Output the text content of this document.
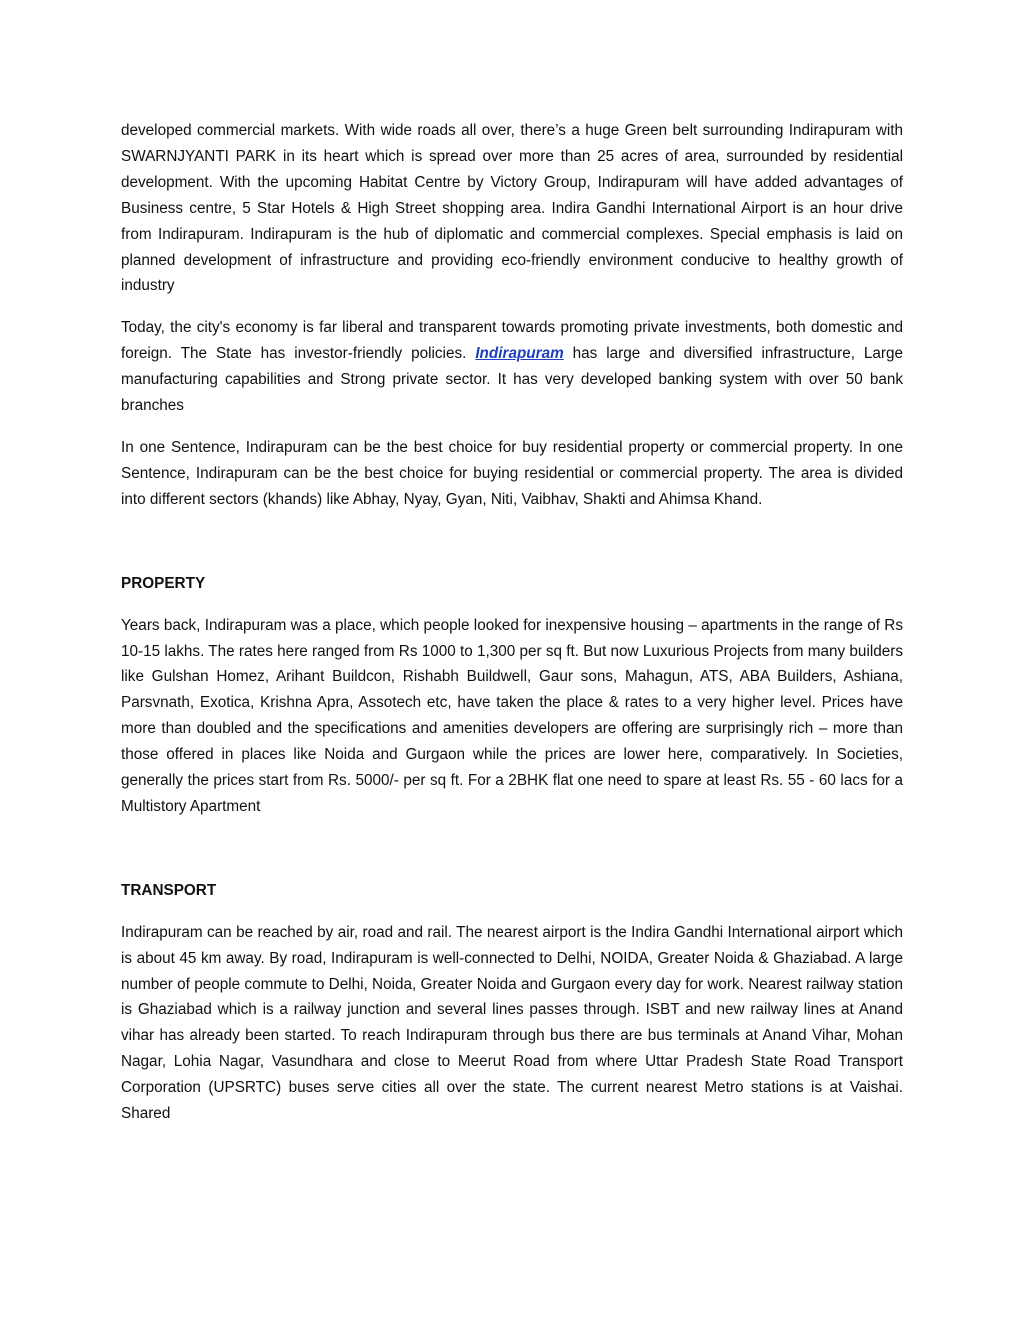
developed commercial markets. With wide roads all over, there’s a huge Green belt surrounding Indirapuram with SWARNJYANTI PARK in its heart which is spread over more than 25 acres of area, surrounded by residential development. With the upcoming Habitat Centre by Victory Group, Indirapuram will have added advantages of Business centre, 5 Star Hotels & High Street shopping area. Indira Gandhi International Airport is an hour drive from Indirapuram. Indirapuram is the hub of diplomatic and commercial complexes. Special emphasis is laid on planned development of infrastructure and providing eco-friendly environment conducive to healthy growth of industry

Today, the city's economy is far liberal and transparent towards promoting private investments, both domestic and foreign. The State has investor-friendly policies. Indirapuram has large and diversified infrastructure, Large manufacturing capabilities and Strong private sector. It has very developed banking system with over 50 bank branches

In one Sentence, Indirapuram can be the best choice for buy residential property or commercial property. In one Sentence, Indirapuram can be the best choice for buying residential or commercial property. The area is divided into different sectors (khands) like Abhay, Nyay, Gyan, Niti, Vaibhav, Shakti and Ahimsa Khand.

PROPERTY

Years back, Indirapuram was a place, which people looked for inexpensive housing – apartments in the range of Rs 10-15 lakhs. The rates here ranged from Rs 1000 to 1,300 per sq ft. But now Luxurious Projects from many builders like Gulshan Homez, Arihant Buildcon, Rishabh Buildwell, Gaur sons, Mahagun, ATS, ABA Builders, Ashiana, Parsvnath, Exotica, Krishna Apra, Assotech etc, have taken the place & rates to a very higher level. Prices have more than doubled and the specifications and amenities developers are offering are surprisingly rich – more than those offered in places like Noida and Gurgaon while the prices are lower here, comparatively. In Societies, generally the prices start from Rs. 5000/- per sq ft. For a 2BHK flat one need to spare at least Rs. 55 - 60 lacs for a Multistory Apartment

TRANSPORT

Indirapuram can be reached by air, road and rail. The nearest airport is the Indira Gandhi International airport which is about 45 km away. By road, Indirapuram is well-connected to Delhi, NOIDA, Greater Noida & Ghaziabad. A large number of people commute to Delhi, Noida, Greater Noida and Gurgaon every day for work. Nearest railway station is Ghaziabad which is a railway junction and several lines passes through. ISBT and new railway lines at Anand vihar has already been started. To reach Indirapuram through bus there are bus terminals at Anand Vihar, Mohan Nagar, Lohia Nagar, Vasundhara and close to Meerut Road from where Uttar Pradesh State Road Transport Corporation (UPSRTC) buses serve cities all over the state. The current nearest Metro stations is at Vaishai. Shared
